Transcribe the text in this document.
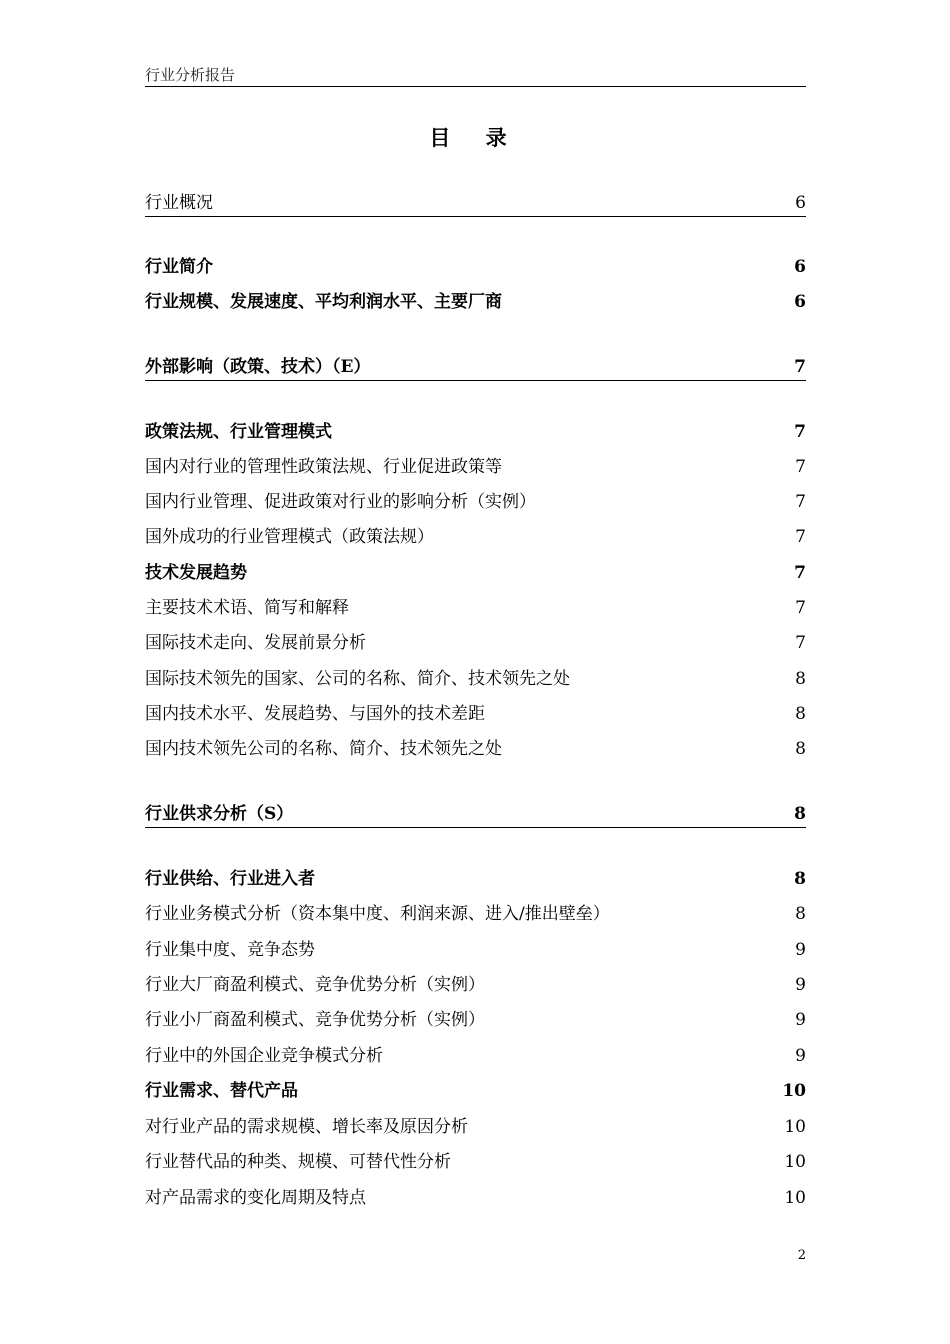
行业分析报告
目 录
行业概况	6
行业简介	6
行业规模、发展速度、平均利润水平、主要厂商	6
外部影响（政策、技术）（E）	7
政策法规、行业管理模式	7
国内对行业的管理性政策法规、行业促进政策等	7
国内行业管理、促进政策对行业的影响分析（实例）	7
国外成功的行业管理模式（政策法规）	7
技术发展趋势	7
主要技术术语、简写和解释	7
国际技术走向、发展前景分析	7
国际技术领先的国家、公司的名称、简介、技术领先之处	8
国内技术水平、发展趋势、与国外的技术差距	8
国内技术领先公司的名称、简介、技术领先之处	8
行业供求分析（S）	8
行业供给、行业进入者	8
行业业务模式分析（资本集中度、利润来源、进入/推出壁垒）	8
行业集中度、竞争态势	9
行业大厂商盈利模式、竞争优势分析（实例）	9
行业小厂商盈利模式、竞争优势分析（实例）	9
行业中的外国企业竞争模式分析	9
行业需求、替代产品	10
对行业产品的需求规模、增长率及原因分析	10
行业替代品的种类、规模、可替代性分析	10
对产品需求的变化周期及特点	10
2
